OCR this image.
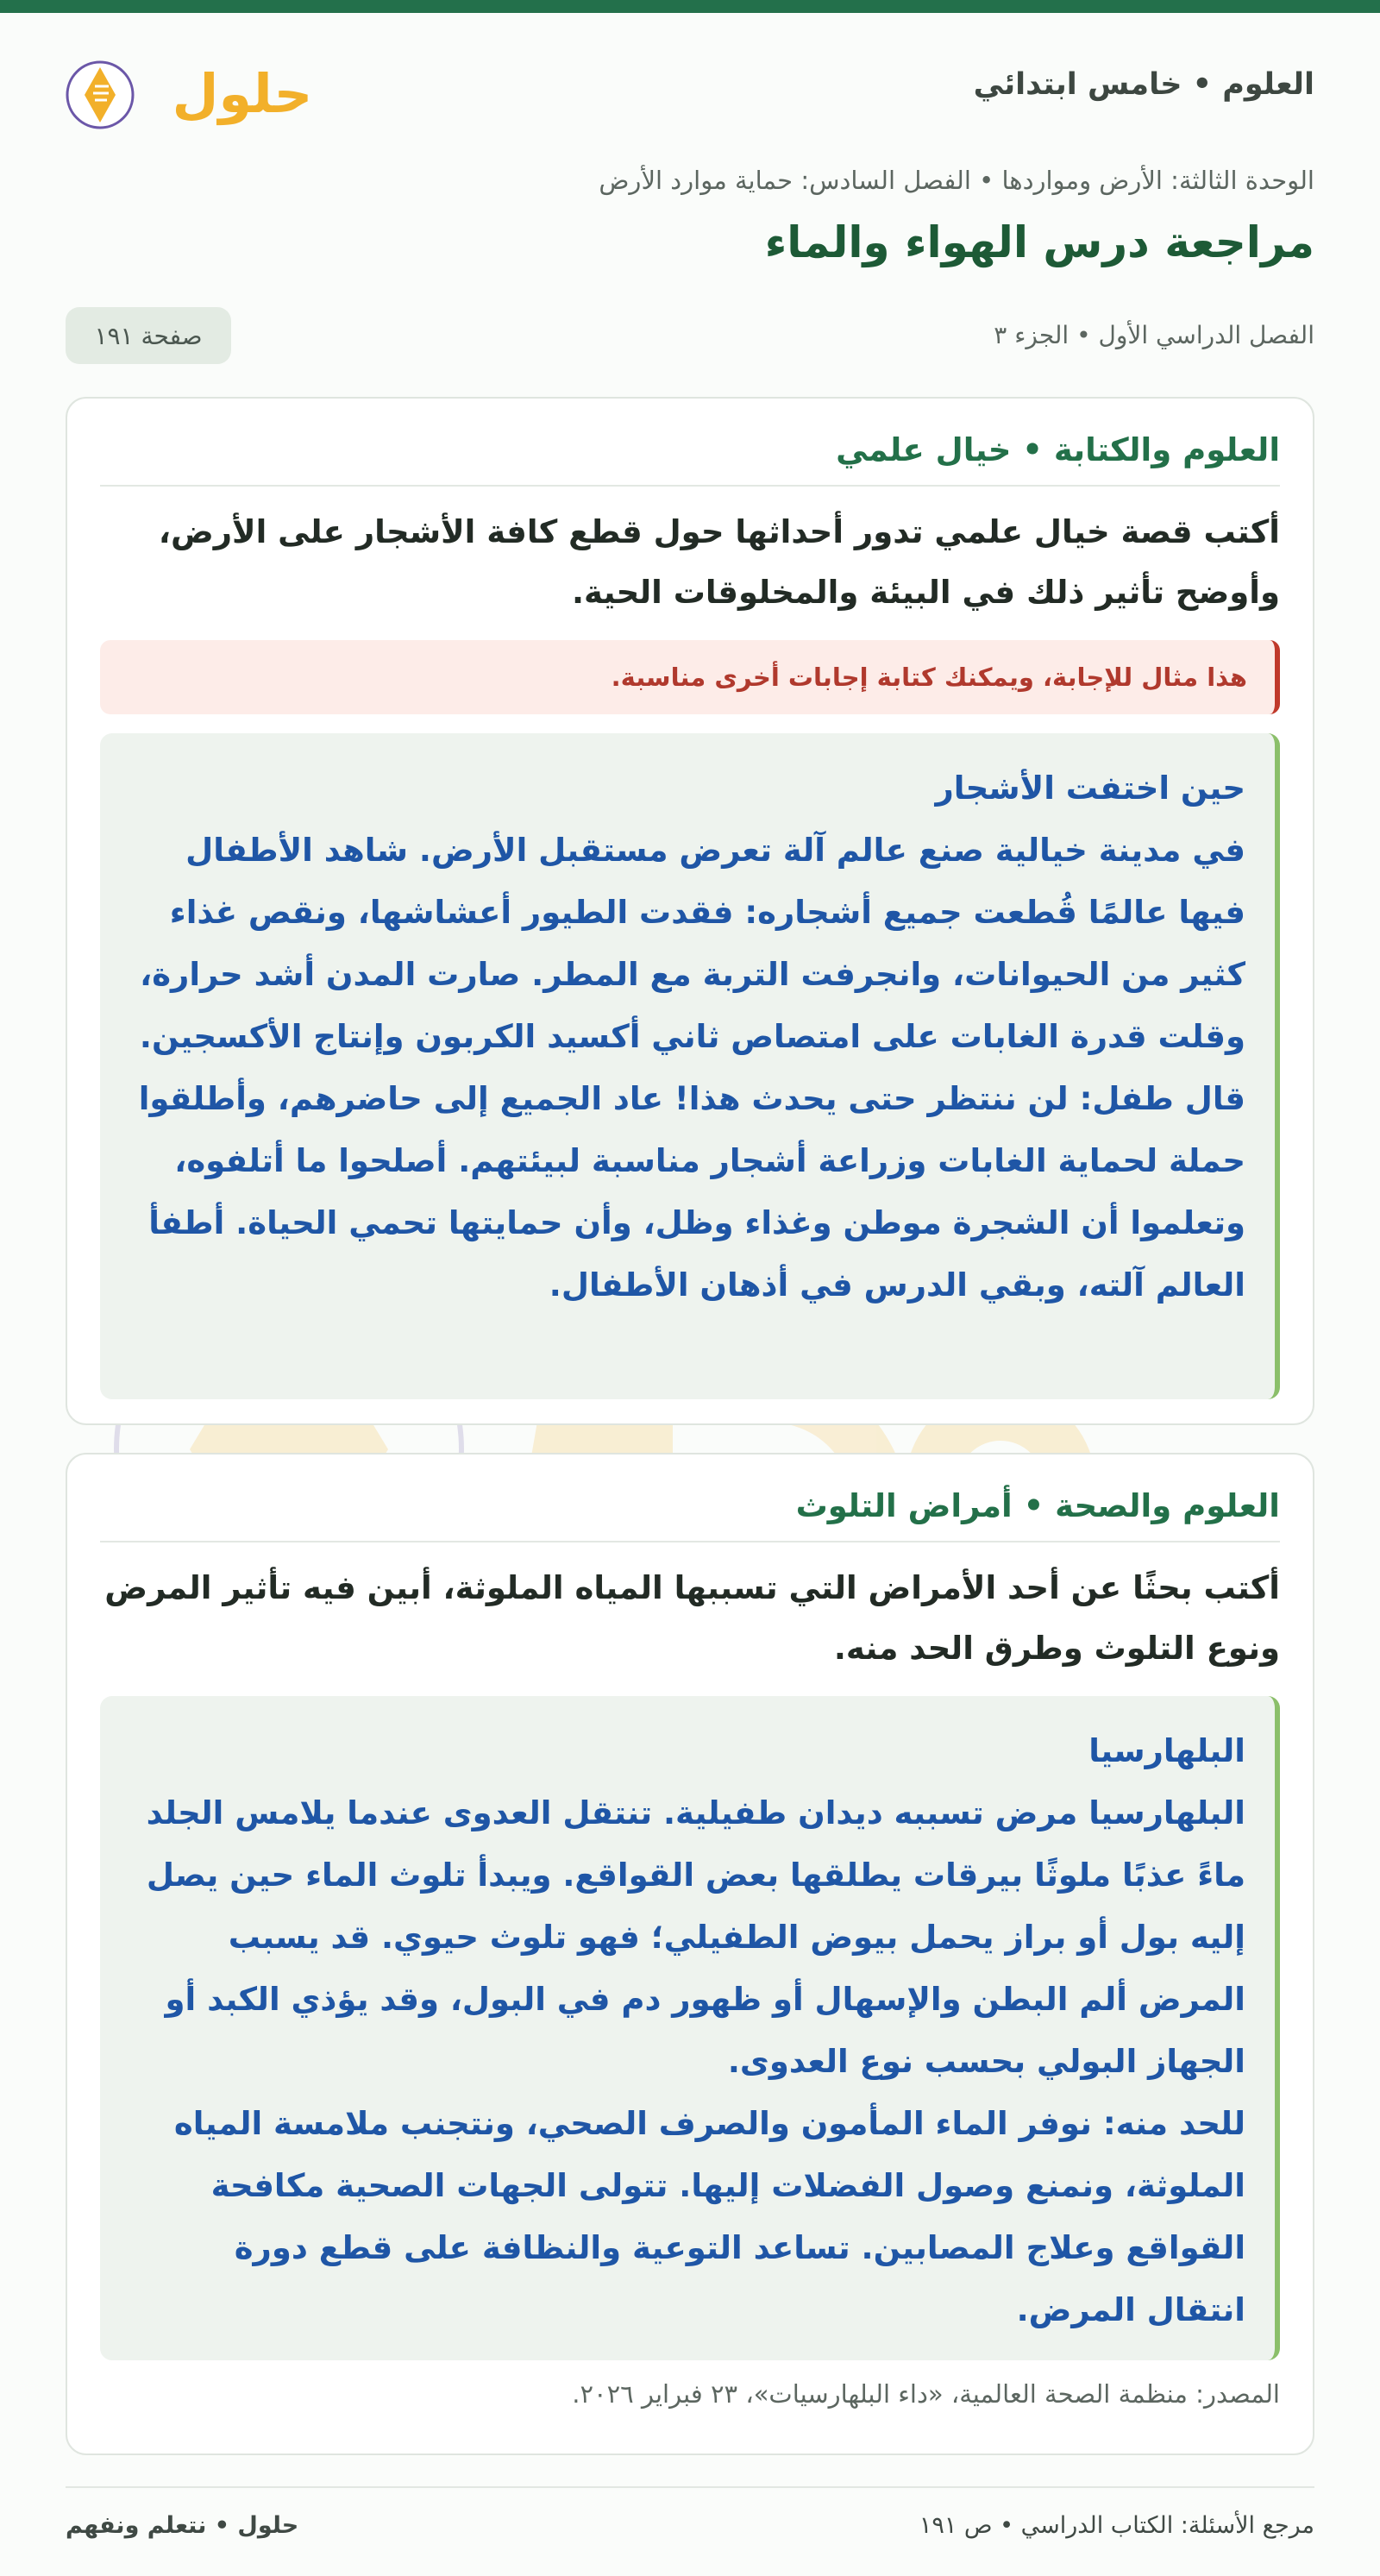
العلوم • خامس ابتدائي
حلول
الوحدة الثالثة: الأرض ومواردها • الفصل السادس: حماية موارد الأرض
مراجعة درس الهواء والماء
الفصل الدراسي الأول • الجزء ٣
صفحة ١٩١
العلوم والكتابة • خيال علمي

أكتب قصة خيال علمي تدور أحداثها حول قطع كافة الأشجار على الأرض، وأوضح تأثير ذلك في البيئة والمخلوقات الحية.

هذا مثال للإجابة، ويمكنك كتابة إجابات أخرى مناسبة.

حين اختفت الأشجار

في مدينة خيالية صنع عالم آلة تعرض مستقبل الأرض. شاهد الأطفال فيها عالمًا قُطعت جميع أشجاره: فقدت الطيور أعشاشها، ونقص غذاء كثير من الحيوانات، وانجرفت التربة مع المطر. صارت المدن أشد حرارة، وقلت قدرة الغابات على امتصاص ثاني أكسيد الكربون وإنتاج الأكسجين.

قال طفل: لن ننتظر حتى يحدث هذا! عاد الجميع إلى حاضرهم، وأطلقوا حملة لحماية الغابات وزراعة أشجار مناسبة لبيئتهم. أصلحوا ما أتلفوه، وتعلموا أن الشجرة موطن وغذاء وظل، وأن حمايتها تحمي الحياة. أطفأ العالم آلته، وبقي الدرس في أذهان الأطفال.

العلوم والصحة • أمراض التلوث

أكتب بحثًا عن أحد الأمراض التي تسببها المياه الملوثة، أبين فيه تأثير المرض ونوع التلوث وطرق الحد منه.

البلهارسيا

البلهارسيا مرض تسببه ديدان طفيلية. تنتقل العدوى عندما يلامس الجلد ماءً عذبًا ملوثًا بيرقات يطلقها بعض القواقع. ويبدأ تلوث الماء حين يصل إليه بول أو براز يحمل بيوض الطفيلي؛ فهو تلوث حيوي. قد يسبب المرض ألم البطن والإسهال أو ظهور دم في البول، وقد يؤذي الكبد أو الجهاز البولي بحسب نوع العدوى.

للحد منه: نوفر الماء المأمون والصرف الصحي، ونتجنب ملامسة المياه الملوثة، ونمنع وصول الفضلات إليها. تتولى الجهات الصحية مكافحة القواقع وعلاج المصابين. تساعد التوعية والنظافة على قطع دورة انتقال المرض.

المصدر: منظمة الصحة العالمية، «داء البلهارسيات»، ٢٣ فبراير ٢٠٢٦.
مرجع الأسئلة: الكتاب الدراسي • ص ١٩١
حلول • نتعلم ونفهم
